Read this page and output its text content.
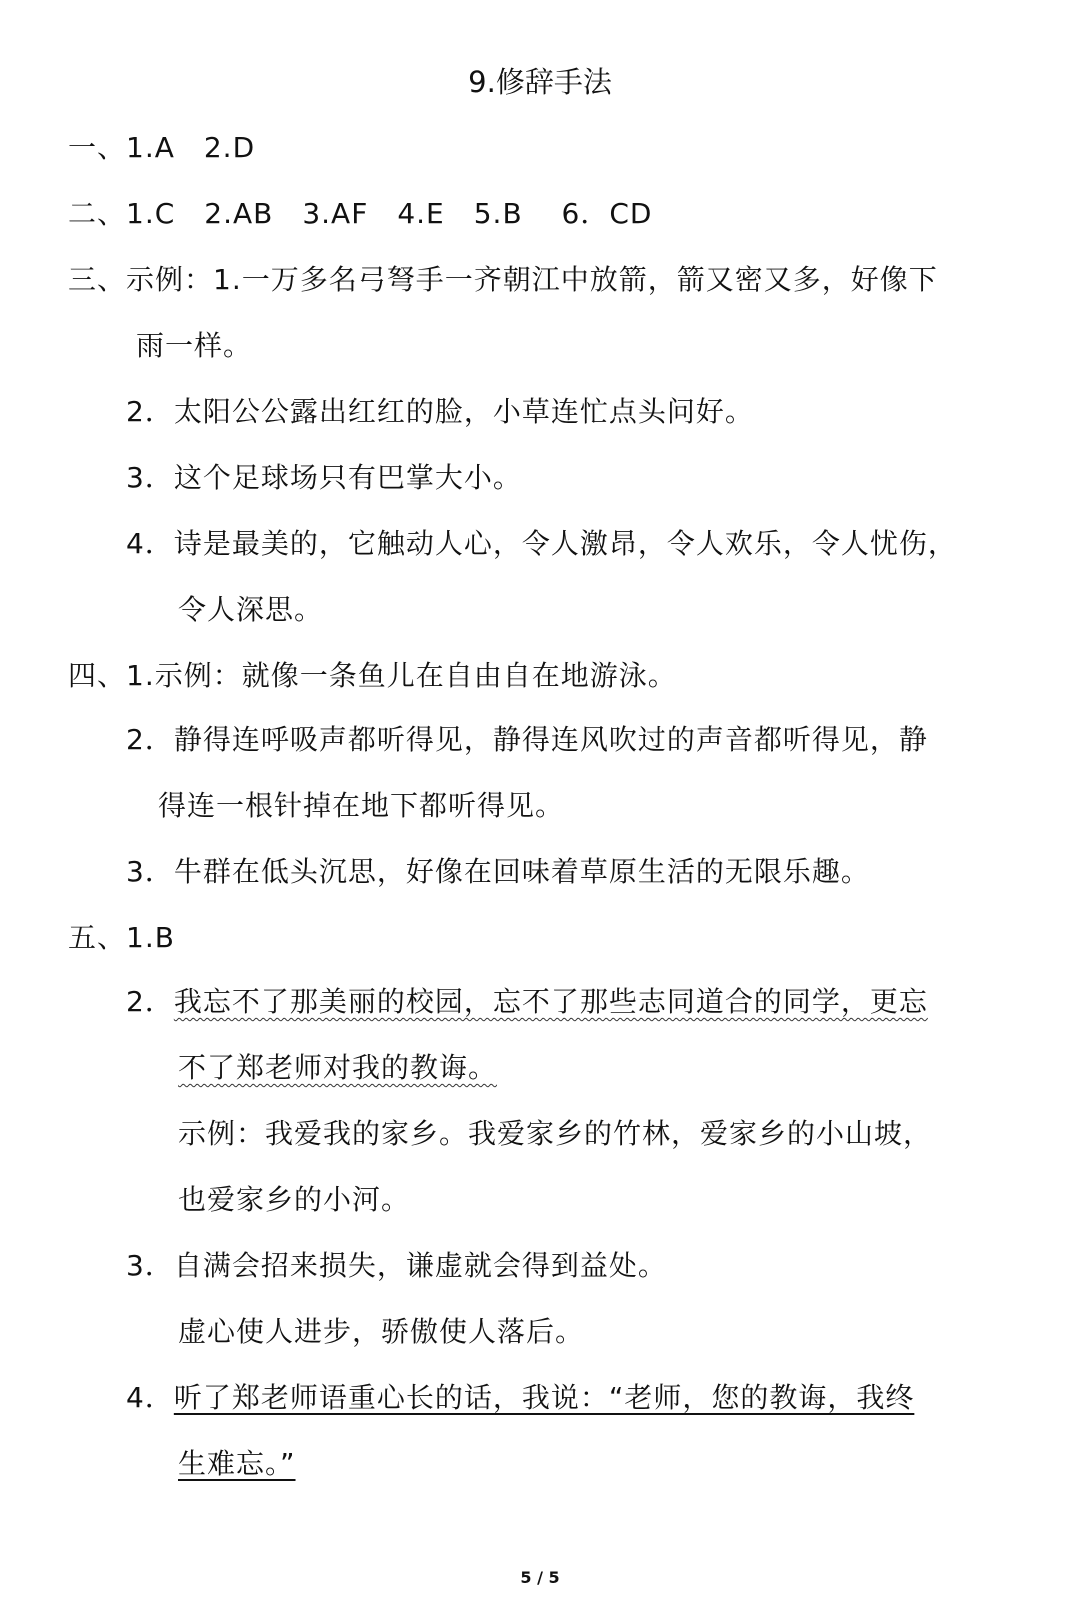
9.修辞手法
一、1.A　2.D
二、1.C　2.AB　3.AF　4.E　5.B　 6．CD
三、示例：1.一万多名弓弩手一齐朝江中放箭，箭又密又多，好像下
雨一样。
2．太阳公公露出红红的脸，小草连忙点头问好。
3．这个足球场只有巴掌大小。
4．诗是最美的，它触动人心，令人激昂，令人欢乐，令人忧伤，
令人深思。
四、1.示例：就像一条鱼儿在自由自在地游泳。
2．静得连呼吸声都听得见，静得连风吹过的声音都听得见，静
得连一根针掉在地下都听得见。
3．牛群在低头沉思，好像在回味着草原生活的无限乐趣。
五、1.B
2．我忘不了那美丽的校园，忘不了那些志同道合的同学，更忘
不了郑老师对我的教诲。
示例：我爱我的家乡。我爱家乡的竹林，爱家乡的小山坡，
也爱家乡的小河。
3．自满会招来损失，谦虚就会得到益处。
虚心使人进步，骄傲使人落后。
4．听了郑老师语重心长的话，我说：“老师，您的教诲，我终
生难忘。”
5 / 5
